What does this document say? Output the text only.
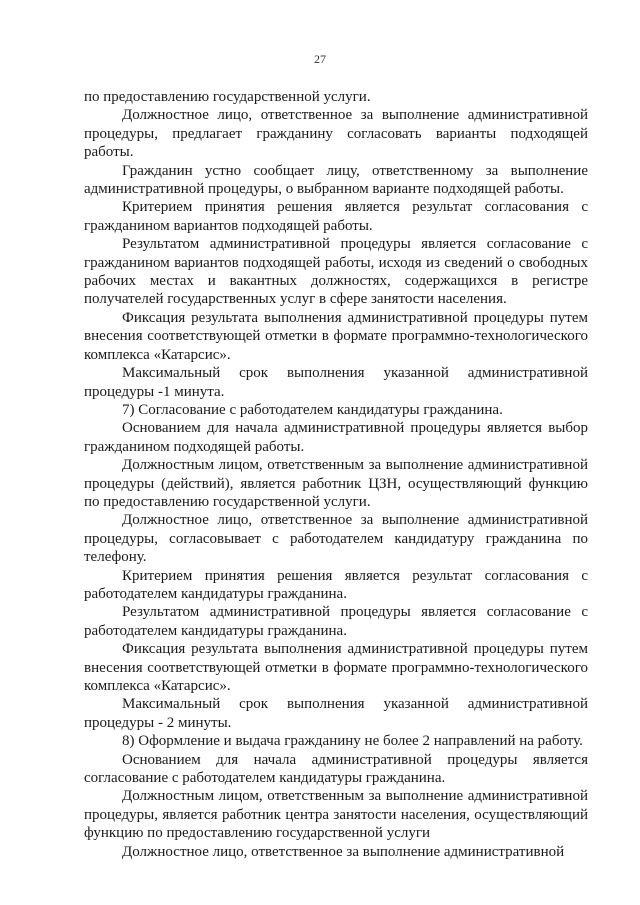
27

по предоставлению государственной услуги.

Должностное лицо, ответственное за выполнение административной процедуры, предлагает гражданину согласовать варианты подходящей работы.

Гражданин устно сообщает лицу, ответственному за выполнение административной процедуры, о выбранном варианте подходящей работы.

Критерием принятия решения является результат согласования с гражданином вариантов подходящей работы.

Результатом административной процедуры является согласование с гражданином вариантов подходящей работы, исходя из сведений о свободных рабочих местах и вакантных должностях, содержащихся в регистре получателей государственных услуг в сфере занятости населения.

Фиксация результата выполнения административной процедуры путем внесения соответствующей отметки в формате программно-технологического комплекса «Катарсис».

Максимальный срок выполнения указанной административной процедуры -1 минута.

7) Согласование с работодателем кандидатуры гражданина.

Основанием для начала административной процедуры является выбор гражданином подходящей работы.

Должностным лицом, ответственным за выполнение административной процедуры (действий), является работник ЦЗН, осуществляющий функцию по предоставлению государственной услуги.

Должностное лицо, ответственное за выполнение административной процедуры, согласовывает с работодателем кандидатуру гражданина по телефону.

Критерием принятия решения является результат согласования с работодателем кандидатуры гражданина.

Результатом административной процедуры является согласование с работодателем кандидатуры гражданина.

Фиксация результата выполнения административной процедуры путем внесения соответствующей отметки в формате программно-технологического комплекса «Катарсис».

Максимальный срок выполнения указанной административной процедуры - 2 минуты.

8) Оформление и выдача гражданину не более 2 направлений на работу.

Основанием для начала административной процедуры является согласование с работодателем кандидатуры гражданина.

Должностным лицом, ответственным за выполнение административной процедуры, является работник центра занятости населения, осуществляющий функцию по предоставлению государственной услуги

Должностное лицо, ответственное за выполнение административной
